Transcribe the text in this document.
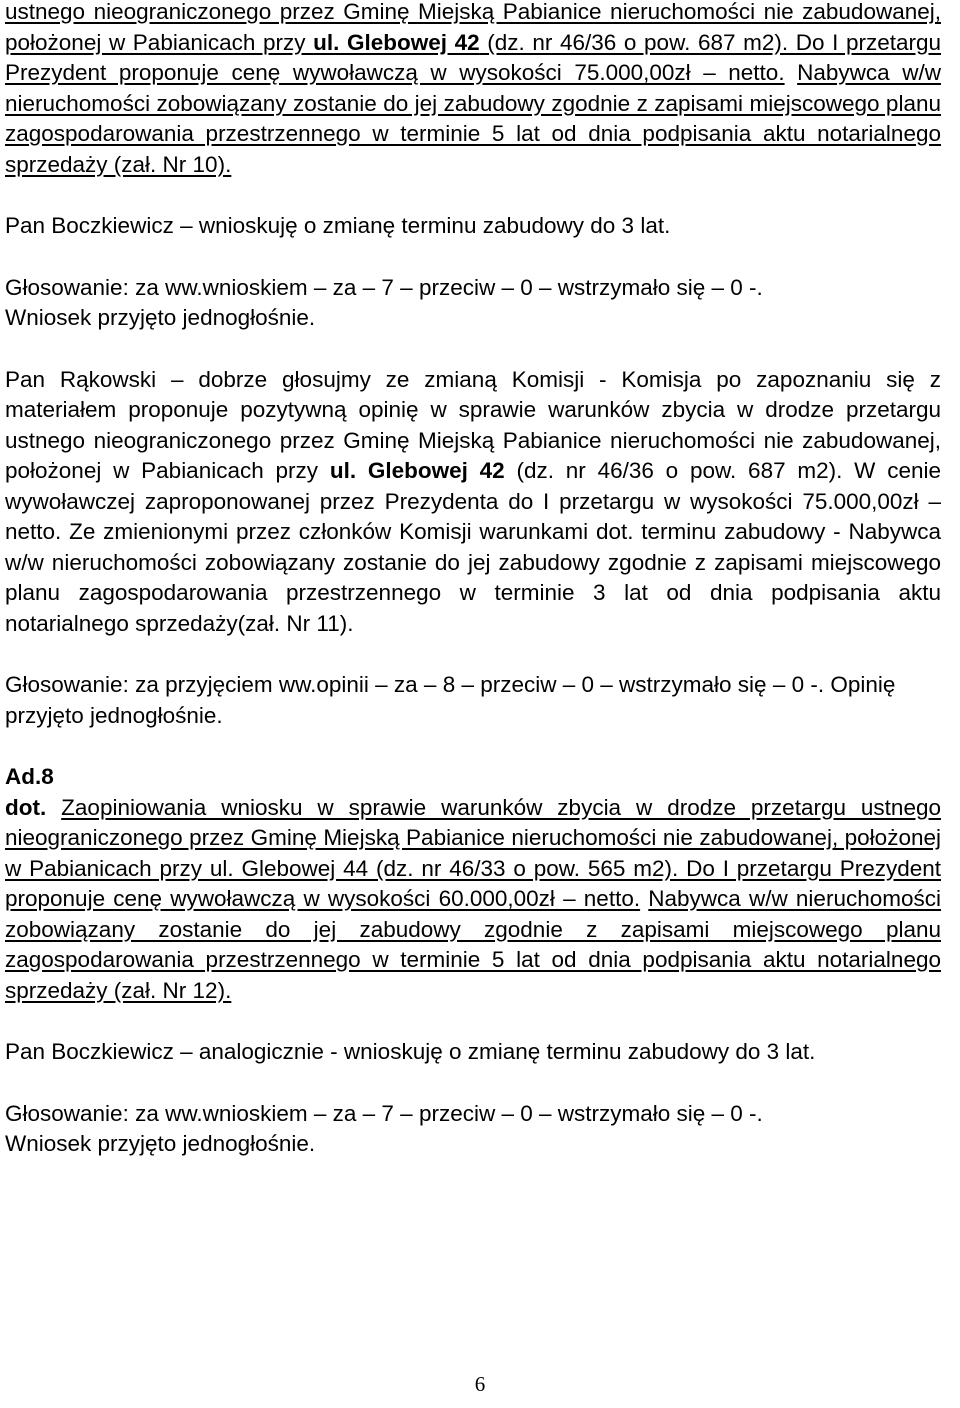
ustnego nieograniczonego przez Gminę Miejską Pabianice nieruchomości nie zabudowanej, położonej w Pabianicach przy ul. Glebowej 42 (dz. nr 46/36 o pow. 687 m2). Do I przetargu Prezydent proponuje cenę wywoławczą w wysokości 75.000,00zł – netto. Nabywca w/w nieruchomości zobowiązany zostanie do jej zabudowy zgodnie z zapisami miejscowego planu zagospodarowania przestrzennego w terminie 5 lat od dnia podpisania aktu notarialnego sprzedaży (zał. Nr 10).

Pan Boczkiewicz – wnioskuję o zmianę terminu zabudowy do 3 lat.

Głosowanie: za ww.wnioskiem – za – 7 – przeciw – 0 – wstrzymało się – 0 -.

Wniosek przyjęto jednogłośnie.

Pan Rąkowski – dobrze głosujmy ze zmianą Komisji - Komisja po zapoznaniu się z materiałem proponuje pozytywną opinię w sprawie warunków zbycia w drodze przetargu ustnego nieograniczonego przez Gminę Miejską Pabianice nieruchomości nie zabudowanej, położonej w Pabianicach przy ul. Glebowej 42 (dz. nr 46/36 o pow. 687 m2). W cenie wywoławczej zaproponowanej przez Prezydenta do I przetargu w wysokości 75.000,00zł – netto. Ze zmienionymi przez członków Komisji warunkami dot. terminu zabudowy - Nabywca w/w nieruchomości zobowiązany zostanie do jej zabudowy zgodnie z zapisami miejscowego planu zagospodarowania przestrzennego w terminie 3 lat od dnia podpisania aktu notarialnego sprzedaży(zał. Nr 11).

Głosowanie: za przyjęciem ww.opinii – za – 8 – przeciw – 0 – wstrzymało się – 0 -. Opinię przyjęto jednogłośnie.

Ad.8

dot. Zaopiniowania wniosku w sprawie warunków zbycia w drodze przetargu ustnego nieograniczonego przez Gminę Miejską Pabianice nieruchomości nie zabudowanej, położonej w Pabianicach przy ul. Glebowej 44 (dz. nr 46/33 o pow. 565 m2). Do I przetargu Prezydent proponuje cenę wywoławczą w wysokości 60.000,00zł – netto. Nabywca w/w nieruchomości zobowiązany zostanie do jej zabudowy zgodnie z zapisami miejscowego planu zagospodarowania przestrzennego w terminie 5 lat od dnia podpisania aktu notarialnego sprzedaży (zał. Nr 12).

Pan Boczkiewicz – analogicznie - wnioskuję o zmianę terminu zabudowy do 3 lat.

Głosowanie: za ww.wnioskiem – za – 7 – przeciw – 0 – wstrzymało się – 0 -.

Wniosek przyjęto jednogłośnie.

6
